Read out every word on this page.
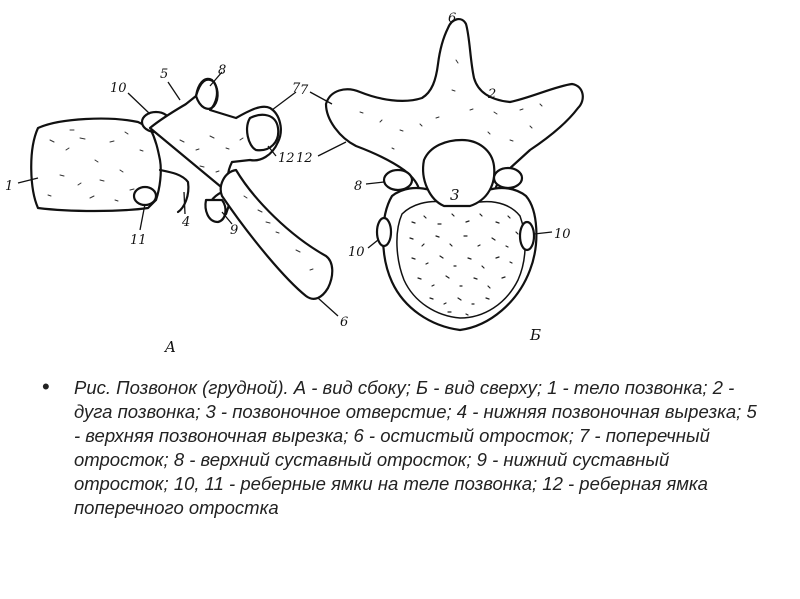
1
10
5	8
7
12
4
9
11
6
A
6
2
7
12
8	3
10
10
Б
•	Рис. Позвонок (грудной). А - вид сбоку; Б - вид сверху; 1 - тело позвонка; 2 - дуга позвонка; 3 - позвоночное отверстие; 4 - нижняя позвоночная вырезка; 5 - верхняя позвоночная вырезка; 6 - остистый отросток; 7 - поперечный отросток; 8 - верхний суставный отросток; 9 - нижний суставный отросток; 10, 11 - реберные ямки на теле позвонка; 12 - реберная ямка поперечного отростка
